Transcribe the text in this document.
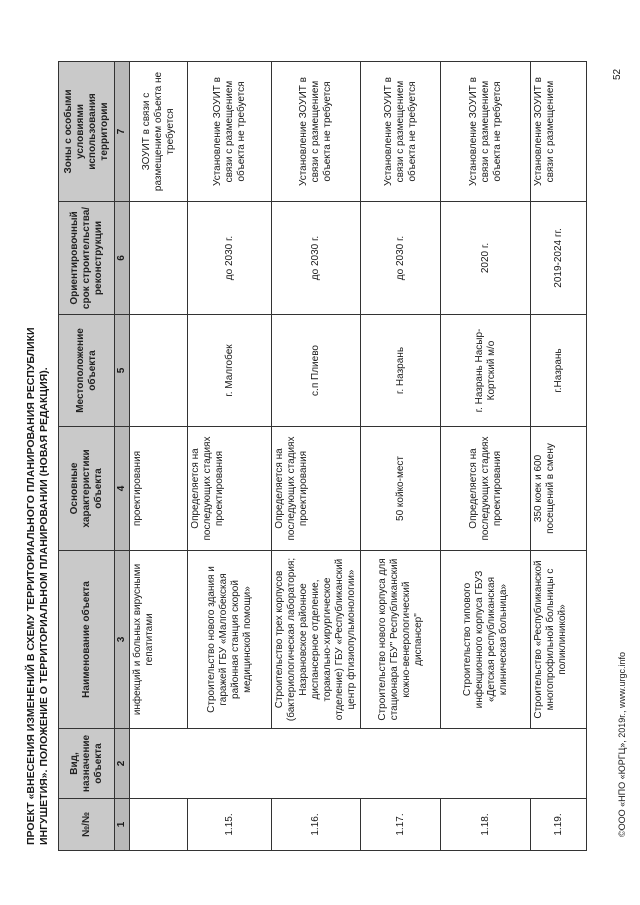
ПРОЕКТ «ВНЕСЕНИЯ ИЗМЕНЕНИЙ В СХЕМУ ТЕРРИТОРИАЛЬНОГО ПЛАНИРОВАНИЯ РЕСПУБЛИКИ ИНГУШЕТИЯ». ПОЛОЖЕНИЕ О ТЕРРИТОРИАЛЬНОМ ПЛАНИРОВАНИИ (НОВАЯ РЕДАКЦИЯ).	№/№	Вид, назначение объекта	Наименование объекта	Основные характеристики объекта	Местоположение объекта	Ориентировочный срок строительства/ реконструкции	Зоны с особыми условиями использования территории
1	2	3	4	5	6	7
		инфекций и больных вирусными гепатитами	проектирования			ЗОУИТ в связи с размещением объекта не требуется
1.15.		Строительство нового здания и гаражей ГБУ «Малгобекская районная станция скорой медицинской помощи»	Определяется на последующих стадиях проектирования	г. Малгобек	до 2030 г.	Установление ЗОУИТ в связи с размещением объекта не требуется
1.16.		Строительство трех корпусов (бактериологическая лаборатория; Назрановское районное диспансерное отделение, торакально-хирургическое отделение) ГБУ «Республиканский центр фтизиопульмонологии»	Определяется на последующих стадиях проектирования	с.п Плиево	до 2030 г.	Установление ЗОУИТ в связи с размещением объекта не требуется
1.17.		Строительство нового корпуса для стационара ГБУ" Республиканский кожно-венерологический диспансер"	50 койко-мест	г. Назрань	до 2030 г.	Установление ЗОУИТ в связи с размещением объекта не требуется
1.18.		Строительство типового инфекционного корпуса ГБУЗ «Детская республиканская клиническая больница»	Определяется на последующих стадиях проектирования	г. Назрань Насыр-Кортский м/о	2020 г.	Установление ЗОУИТ в связи с размещением объекта не требуется
1.19.		Строительство «Республиканской многопрофильной больницы с поликлиникой»	350 коек и 600 посещений в смену	г.Назрань	2019-2024 гг.	Установление ЗОУИТ в связи с размещением
©ООО «НПО «ЮРГЦ», 2019г., www.urgc.info
52
